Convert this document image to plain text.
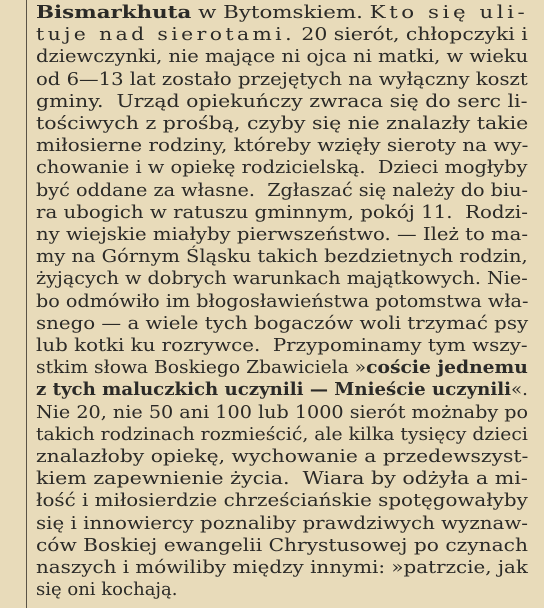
Bismarkhuta w Bytomskiem. Kto się uli-
tuje nad sierotami. 20 sierót, chłopczyki i
dziewczynki, nie mające ni ojca ni matki, w wieku
od 6—13 lat zostało przejętych na wyłączny koszt
gminy.  Urząd opiekuńczy zwraca się do serc li-
tościwych z prośbą, czyby się nie znalazły takie
miłosierne rodziny, któreby wzięły sieroty na wy-
chowanie i w opiekę rodzicielską.  Dzieci mogłyby
być oddane za własne.  Zgłaszać się należy do biu-
ra ubogich w ratuszu gminnym, pokój 11.  Rodzi-
ny wiejskie miałyby pierwszeństwo. — Ileż to ma-
my na Górnym Śląsku takich bezdzietnych rodzin,
żyjących w dobrych warunkach majątkowych. Nie-
bo odmówiło im błogosławieństwa potomstwa wła-
snego — a wiele tych bogaczów woli trzymać psy
lub kotki ku rozrywce.  Przypominamy tym wszy-
stkim słowa Boskiego Zbawiciela »coście jednemu
z tych maluczkich uczynili — Mnieście uczynili«.
Nie 20, nie 50 ani 100 lub 1000 sierót możnaby po
takich rodzinach rozmieścić, ale kilka tysięcy dzieci
znalazłoby opiekę, wychowanie a przedewszyst-
kiem zapewnienie życia.  Wiara by odżyła a mi-
łość i miłosierdzie chrześciańskie spotęgowałyby
się i innowiercy poznaliby prawdziwych wyznaw-
ców Boskiej ewangelii Chrystusowej po czynach
naszych i mówiliby między innymi: »patrzcie, jak
się oni kochają.
